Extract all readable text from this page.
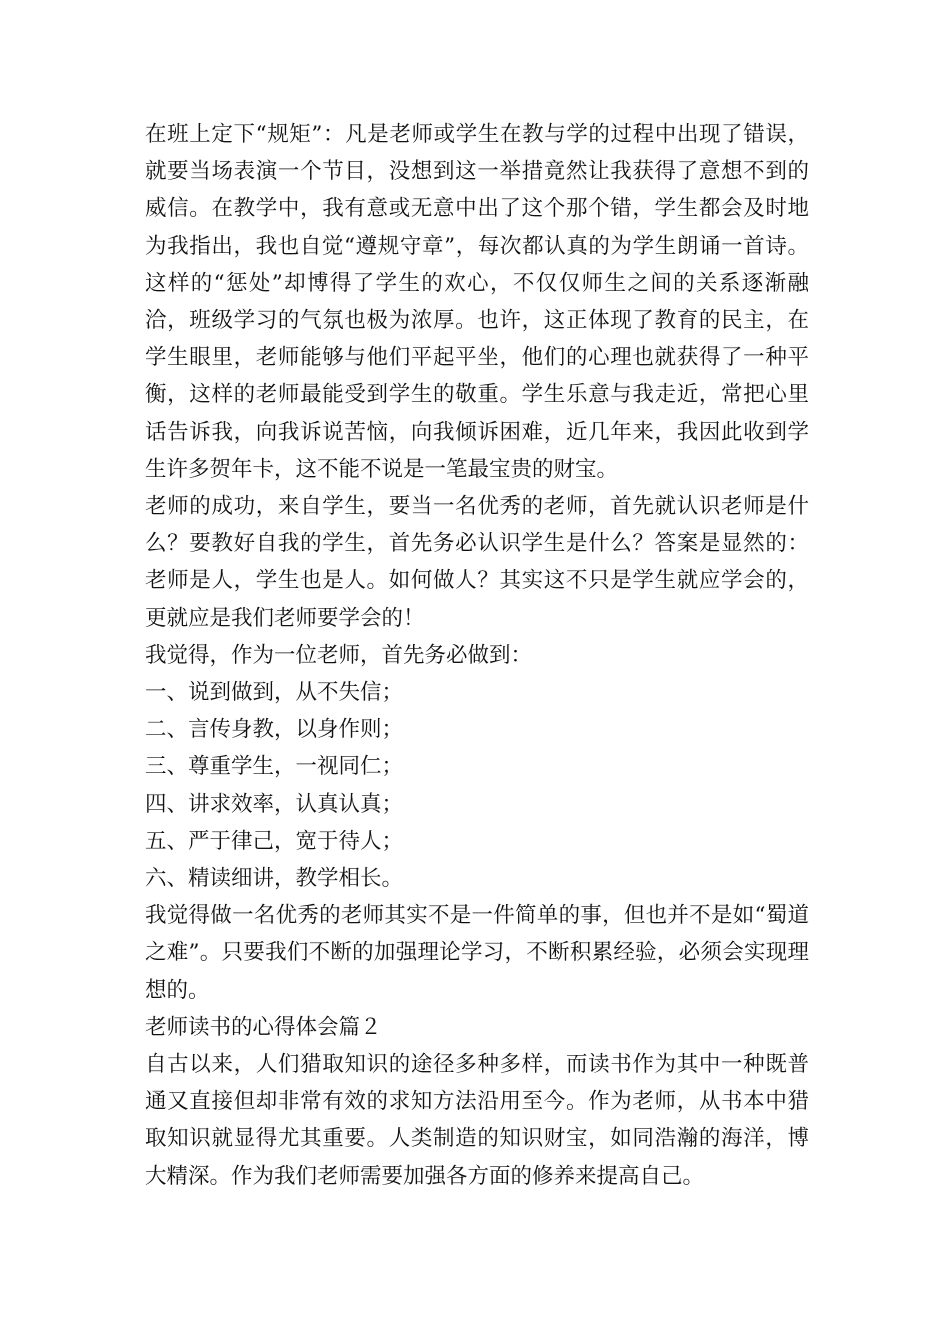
在班上定下“规矩”：凡是老师或学生在教与学的过程中出现了错误，就要当场表演一个节目，没想到这一举措竟然让我获得了意想不到的威信。在教学中，我有意或无意中出了这个那个错，学生都会及时地为我指出，我也自觉“遵规守章”，每次都认真的为学生朗诵一首诗。这样的“惩处”却博得了学生的欢心，不仅仅师生之间的关系逐渐融洽，班级学习的气氛也极为浓厚。也许，这正体现了教育的民主，在学生眼里，老师能够与他们平起平坐，他们的心理也就获得了一种平衡，这样的老师最能受到学生的敬重。学生乐意与我走近，常把心里话告诉我，向我诉说苦恼，向我倾诉困难，近几年来，我因此收到学生许多贺年卡，这不能不说是一笔最宝贵的财宝。

老师的成功，来自学生，要当一名优秀的老师，首先就认识老师是什么？要教好自我的学生，首先务必认识学生是什么？答案是显然的：老师是人，学生也是人。如何做人？其实这不只是学生就应学会的，更就应是我们老师要学会的！

我觉得，作为一位老师，首先务必做到：

一、说到做到，从不失信；

二、言传身教，以身作则；

三、尊重学生，一视同仁；

四、讲求效率，认真认真；

五、严于律己，宽于待人；

六、精读细讲，教学相长。

我觉得做一名优秀的老师其实不是一件简单的事，但也并不是如“蜀道之难”。只要我们不断的加强理论学习，不断积累经验，必须会实现理想的。

老师读书的心得体会篇２

自古以来，人们猎取知识的途径多种多样，而读书作为其中一种既普通又直接但却非常有效的求知方法沿用至今。作为老师，从书本中猎取知识就显得尤其重要。人类制造的知识财宝，如同浩瀚的海洋，博大精深。作为我们老师需要加强各方面的修养来提高自己。
